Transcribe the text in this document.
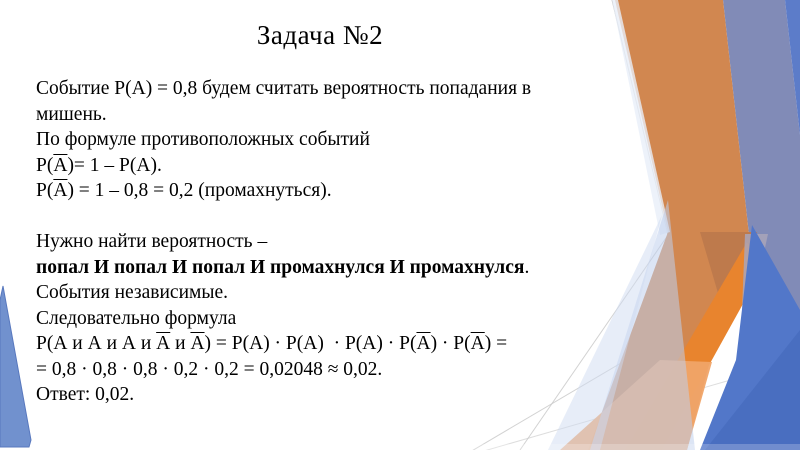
Задача №2
Событие Р(А) = 0,8 будем считать вероятность попадания в
мишень.
По формуле противоположных событий
Р(А)= 1 – Р(А).
Р(А) = 1 – 0,8 = 0,2 (промахнуться).
Нужно найти вероятность –
попал И попал И попал И промахнулся И промахнулся.
События независимые.
Следовательно формула
Р(А и А и А и А и А) = Р(А) · Р(А)  · Р(А) · Р(А) · Р(А) =
= 0,8 · 0,8 · 0,8 · 0,2 · 0,2 = 0,02048 ≈ 0,02.
Ответ: 0,02.
